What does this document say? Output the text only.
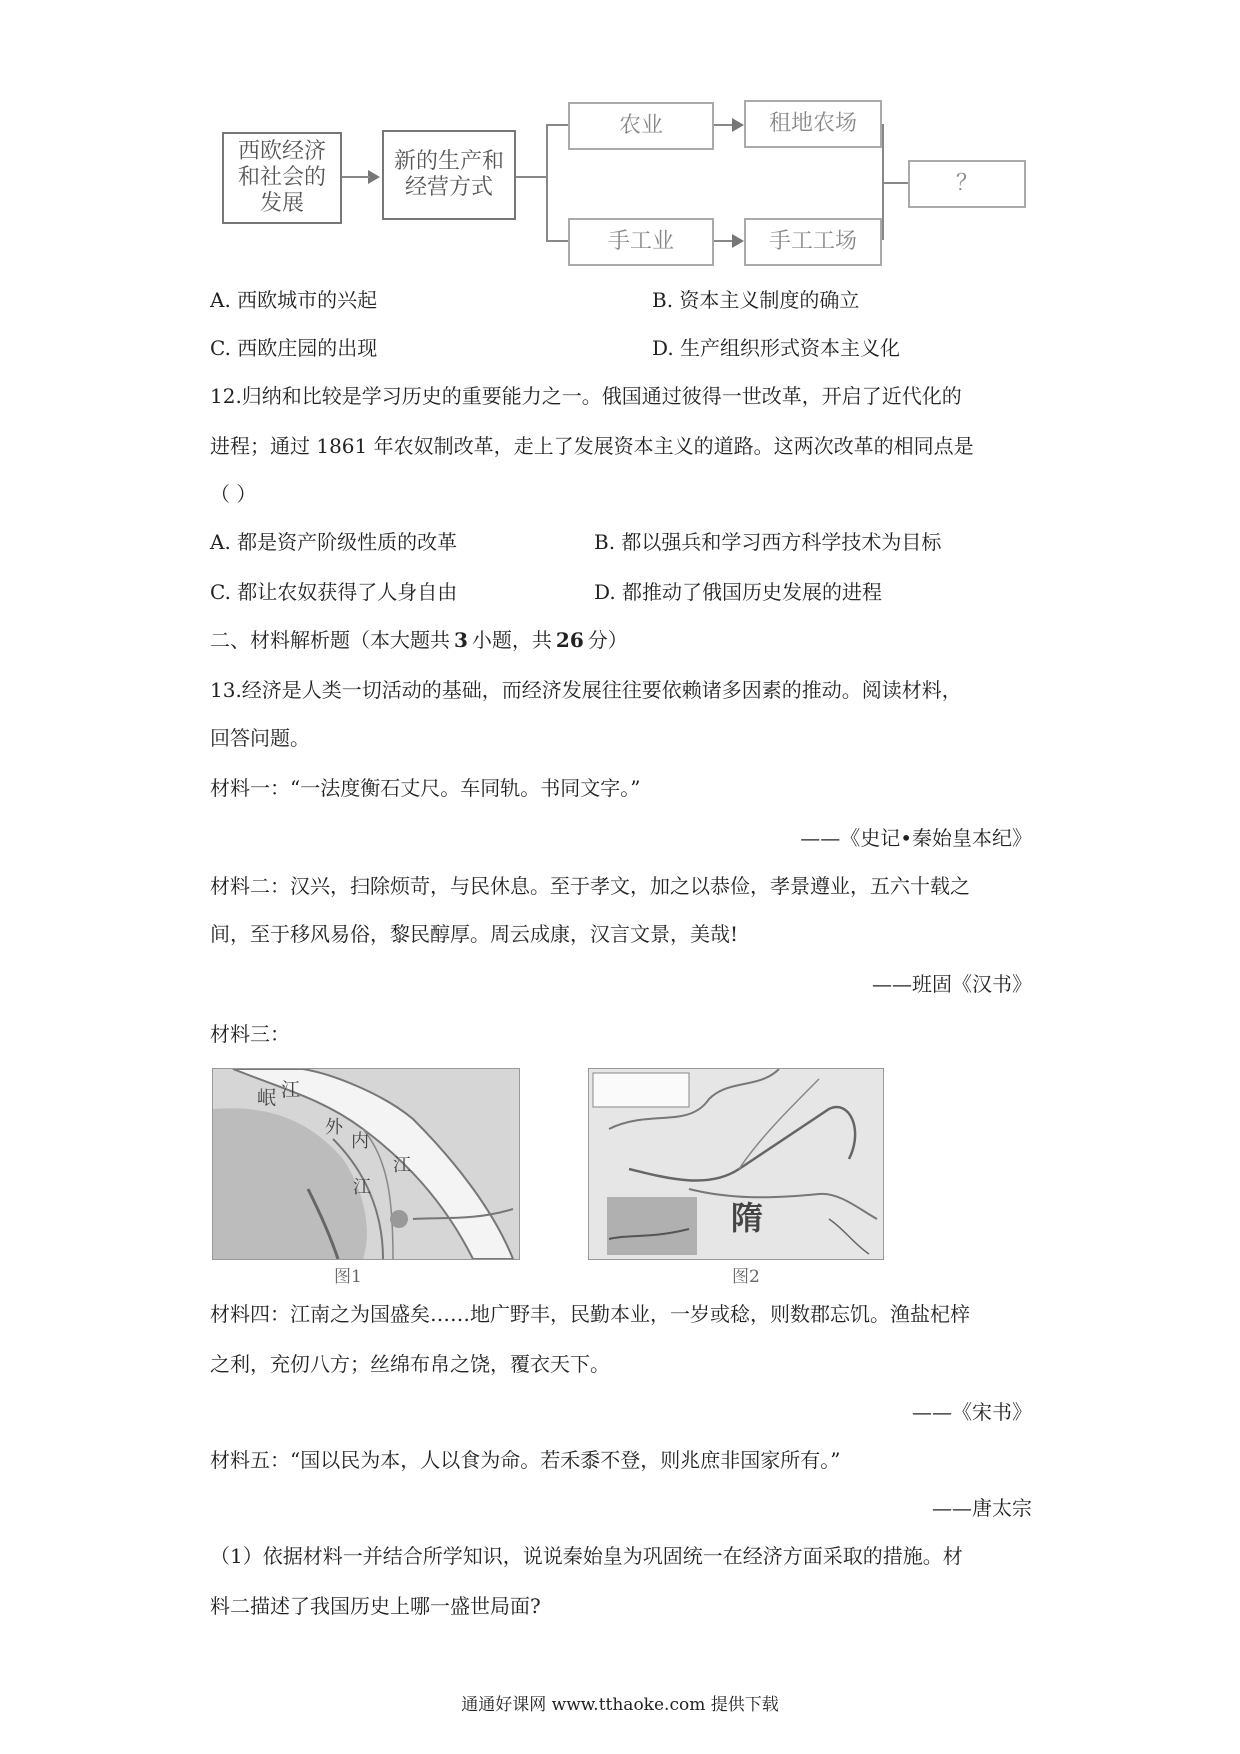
西欧经济
和社会的
发展
新的生产和
经营方式
农业	租地农场
手工业	手工工场
？
A. 西欧城市的兴起	B. 资本主义制度的确立
C. 西欧庄园的出现	D. 生产组织形式资本主义化
12.归纳和比较是学习历史的重要能力之一。俄国通过彼得一世改革，开启了近代化的
进程；通过 1861 年农奴制改革，走上了发展资本主义的道路。这两次改革的相同点是
（ ）
A. 都是资产阶级性质的改革	B. 都以强兵和学习西方科学技术为目标
C. 都让农奴获得了人身自由	D. 都推动了俄国历史发展的进程
二、材料解析题（本大题共 3 小题，共 26 分）
13.经济是人类一切活动的基础，而经济发展往往要依赖诸多因素的推动。阅读材料，
回答问题。
材料一：“一法度衡石丈尺。车同轨。书同文字。”
——《史记•秦始皇本纪》
材料二：汉兴，扫除烦苛，与民休息。至于孝文，加之以恭俭，孝景遵业，五六十载之
间，至于移风易俗，黎民醇厚。周云成康，汉言文景，美哉!
——班固《汉书》
材料三：
岷 江
外
内
江
江
图1
隋
图2
材料四：江南之为国盛矣……地广野丰，民勤本业，一岁或稔，则数郡忘饥。渔盐杞梓
之利，充仞八方；丝绵布帛之饶，覆衣天下。
——《宋书》
材料五：“国以民为本，人以食为命。若禾黍不登，则兆庶非国家所有。”
——唐太宗
（1）依据材料一并结合所学知识，说说秦始皇为巩固统一在经济方面采取的措施。材
料二描述了我国历史上哪一盛世局面?
通通好课网 www.tthaoke.com 提供下载
